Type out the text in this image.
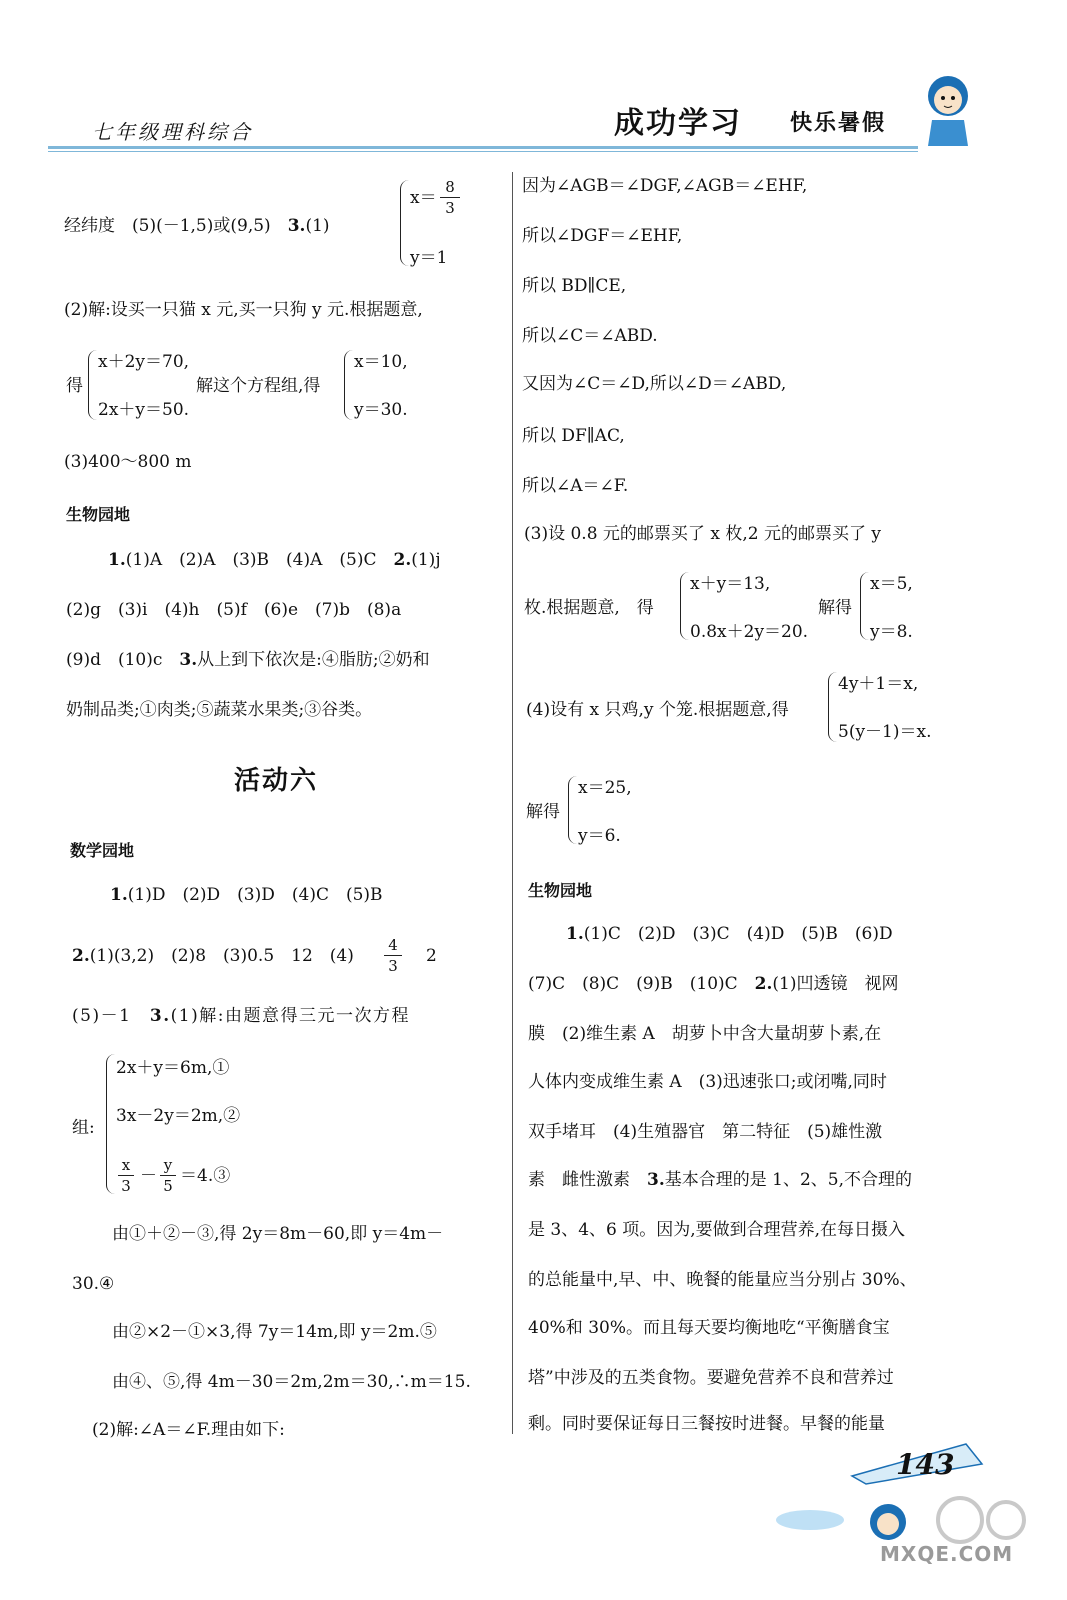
七年级理科综合	成功学习 快乐暑假
经纬度　(5)(－1,5)或(9,5)　3.(1)
x＝
8
3
y＝1
(2)解:设买一只猫 x 元,买一只狗 y 元.根据题意,
得
x＋2y＝70,
2x＋y＝50.
解这个方程组,得
x＝10,
y＝30.
(3)400～800 m
生物园地
1.(1)A　(2)A　(3)B　(4)A　(5)C　2.(1)j
(2)g　(3)i　(4)h　(5)f　(6)e　(7)b　(8)a
(9)d　(10)c　3.从上到下依次是:④脂肪;②奶和
奶制品类;①肉类;⑤蔬菜水果类;③谷类。
活动六
数学园地
1.(1)D　(2)D　(3)D　(4)C　(5)B
2.(1)(3,2)　(2)8　(3)0.5　12　(4)
4
3 2
(5)－1　3.(1)解:由题意得三元一次方程
组:
2x＋y＝6m,①
3x－2y＝2m,②
x
3 －
y
5 ＝4.③
由①＋②－③,得 2y＝8m－60,即 y＝4m－
30.④
由②×2－①×3,得 7y＝14m,即 y＝2m.⑤
由④、⑤,得 4m－30＝2m,2m＝30,∴m＝15.
(2)解:∠A＝∠F.理由如下:
因为∠AGB＝∠DGF,∠AGB＝∠EHF,
所以∠DGF＝∠EHF,
所以 BD∥CE,
所以∠C＝∠ABD.
又因为∠C＝∠D,所以∠D＝∠ABD,
所以 DF∥AC,
所以∠A＝∠F.
(3)设 0.8 元的邮票买了 x 枚,2 元的邮票买了 y
枚.根据题意,　得
x＋y＝13,
0.8x＋2y＝20.
解得
x＝5,
y＝8.
(4)设有 x 只鸡,y 个笼.根据题意,得
4y＋1＝x,
5(y－1)＝x.
解得
x＝25,
y＝6.
生物园地
1.(1)C　(2)D　(3)C　(4)D　(5)B　(6)D
(7)C　(8)C　(9)B　(10)C　2.(1)凹透镜　视网
膜　(2)维生素 A　胡萝卜中含大量胡萝卜素,在
人体内变成维生素 A　(3)迅速张口;或闭嘴,同时
双手堵耳　(4)生殖器官　第二特征　(5)雄性激
素　雌性激素　3.基本合理的是 1、2、5,不合理的
是 3、4、6 项。因为,要做到合理营养,在每日摄入
的总能量中,早、中、晚餐的能量应当分别占 30%、
40%和 30%。而且每天要均衡地吃“平衡膳食宝
塔”中涉及的五类食物。要避免营养不良和营养过
剩。同时要保证每日三餐按时进餐。早餐的能量
143
MXQE.COM
